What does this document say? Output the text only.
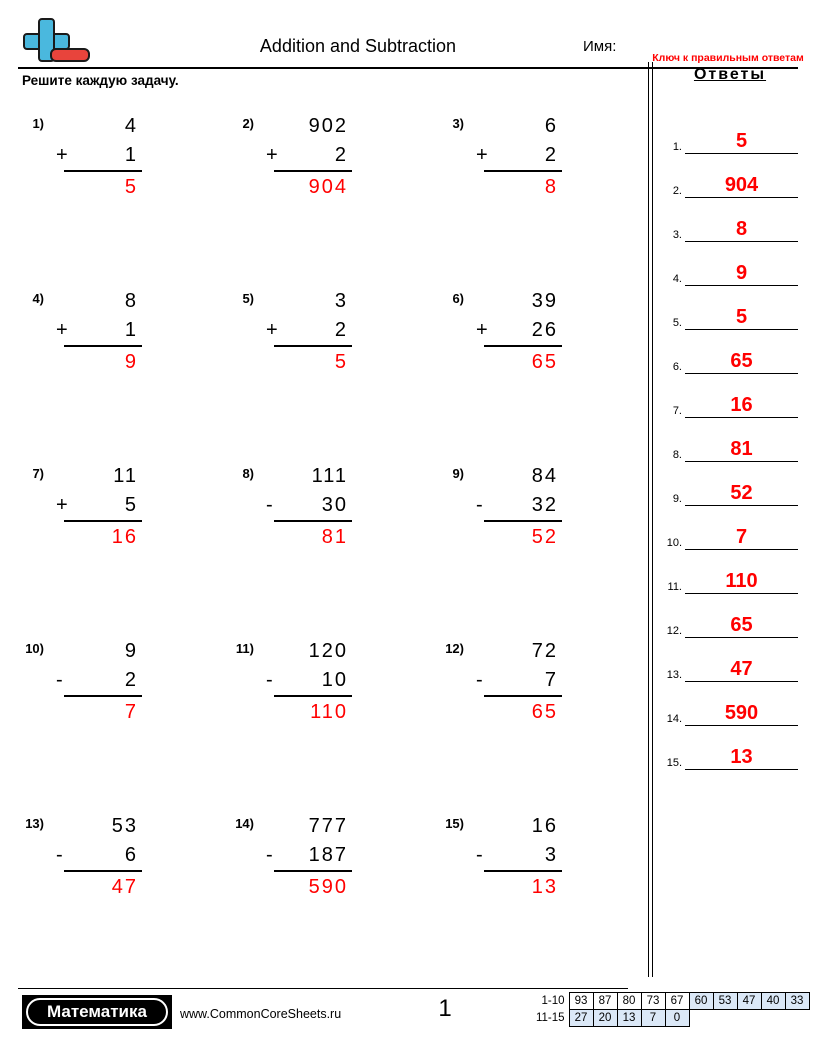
Addition and Subtraction	Имя:
Ключ к правильным ответам
Решите каждую задачу.
1)	4
+	1
5
2)	902
+	2
904
3)	6
+	2
8
4)	8
+	1
9
5)	3
+	2
5
6)	39
+ 26
65
7)	11
+	5
16
8)	111
- 30
81
9)	84
- 32
52
10)	9
-	2
7
11)	120
- 10
110
12)	72
-	7
65
13)	53
-	6
47
14)	777
- 187
590
15)	16
-	3
13
Ответы
1.	5
2.	904
3.	8
4.	9
5.	5
6.	65
7.	16
8.	81
9.	52
10.	7
11.	110
12.	65
13.	47
14.	590
15.	13
Математика	www.CommonCoreSheets.ru	1	1-10	93	87	80	73	67	60	53	47	40	33
11-15	27	20	13	7	0					
